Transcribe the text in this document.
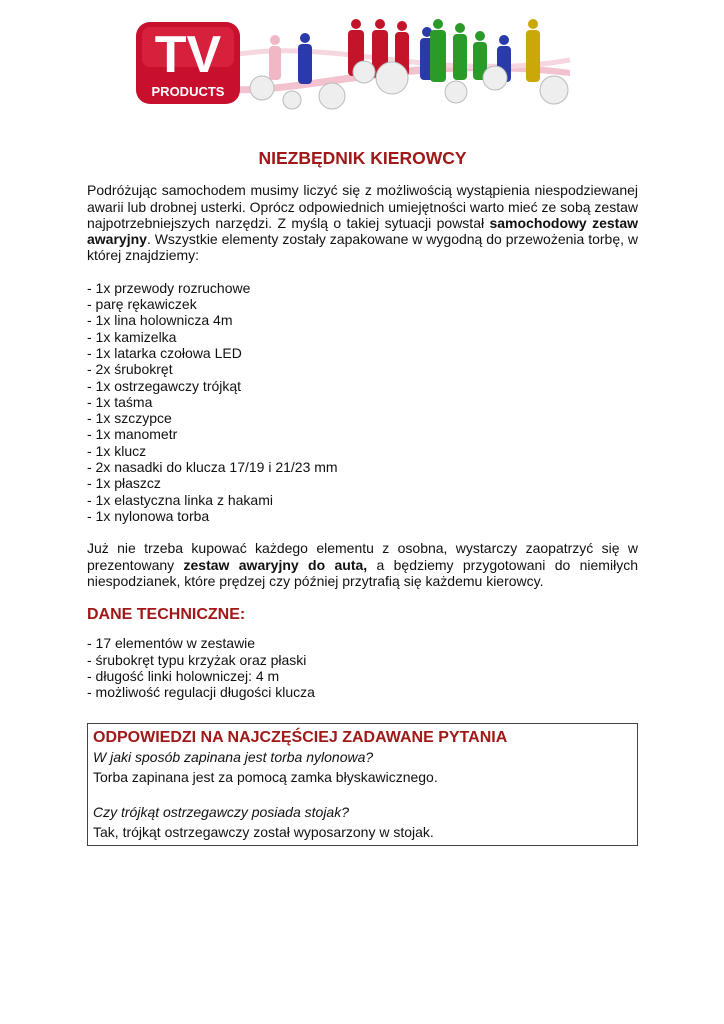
TV
PRODUCTS
NIEZBĘDNIK KIEROWCY

Podróżując samochodem musimy liczyć się z możliwością wystąpienia niespodziewanej awarii lub drobnej usterki. Oprócz odpowiednich umiejętności warto mieć ze sobą zestaw najpotrzebniejszych narzędzi. Z myślą o takiej sytuacji powstał samochodowy zestaw awaryjny. Wszystkie elementy zostały zapakowane w wygodną do przewożenia torbę, w której znajdziemy:

- 1x przewody rozruchowe
- parę rękawiczek
- 1x lina holownicza 4m
- 1x kamizelka
- 1x latarka czołowa LED
- 2x śrubokręt
- 1x ostrzegawczy trójkąt
- 1x taśma
- 1x szczypce
- 1x manometr
- 1x klucz
- 2x nasadki do klucza 17/19 i 21/23 mm
- 1x płaszcz
- 1x elastyczna linka z hakami
- 1x nylonowa torba

Już nie trzeba kupować każdego elementu z osobna, wystarczy zaopatrzyć się w prezentowany zestaw awaryjny do auta, a będziemy przygotowani do niemiłych niespodzianek, które prędzej czy później przytrafią się każdemu kierowcy.

DANE TECHNICZNE:
- 17 elementów w zestawie
- śrubokręt typu krzyżak oraz płaski
- długość linki holowniczej: 4 m
- możliwość regulacji długości klucza
ODPOWIEDZI NA NAJCZĘŚCIEJ ZADAWANE PYTANIA
W jaki sposób zapinana jest torba nylonowa?
Torba zapinana jest za pomocą zamka błyskawicznego.
Czy trójkąt ostrzegawczy posiada stojak?
Tak, trójkąt ostrzegawczy został wyposarzony w stojak.
